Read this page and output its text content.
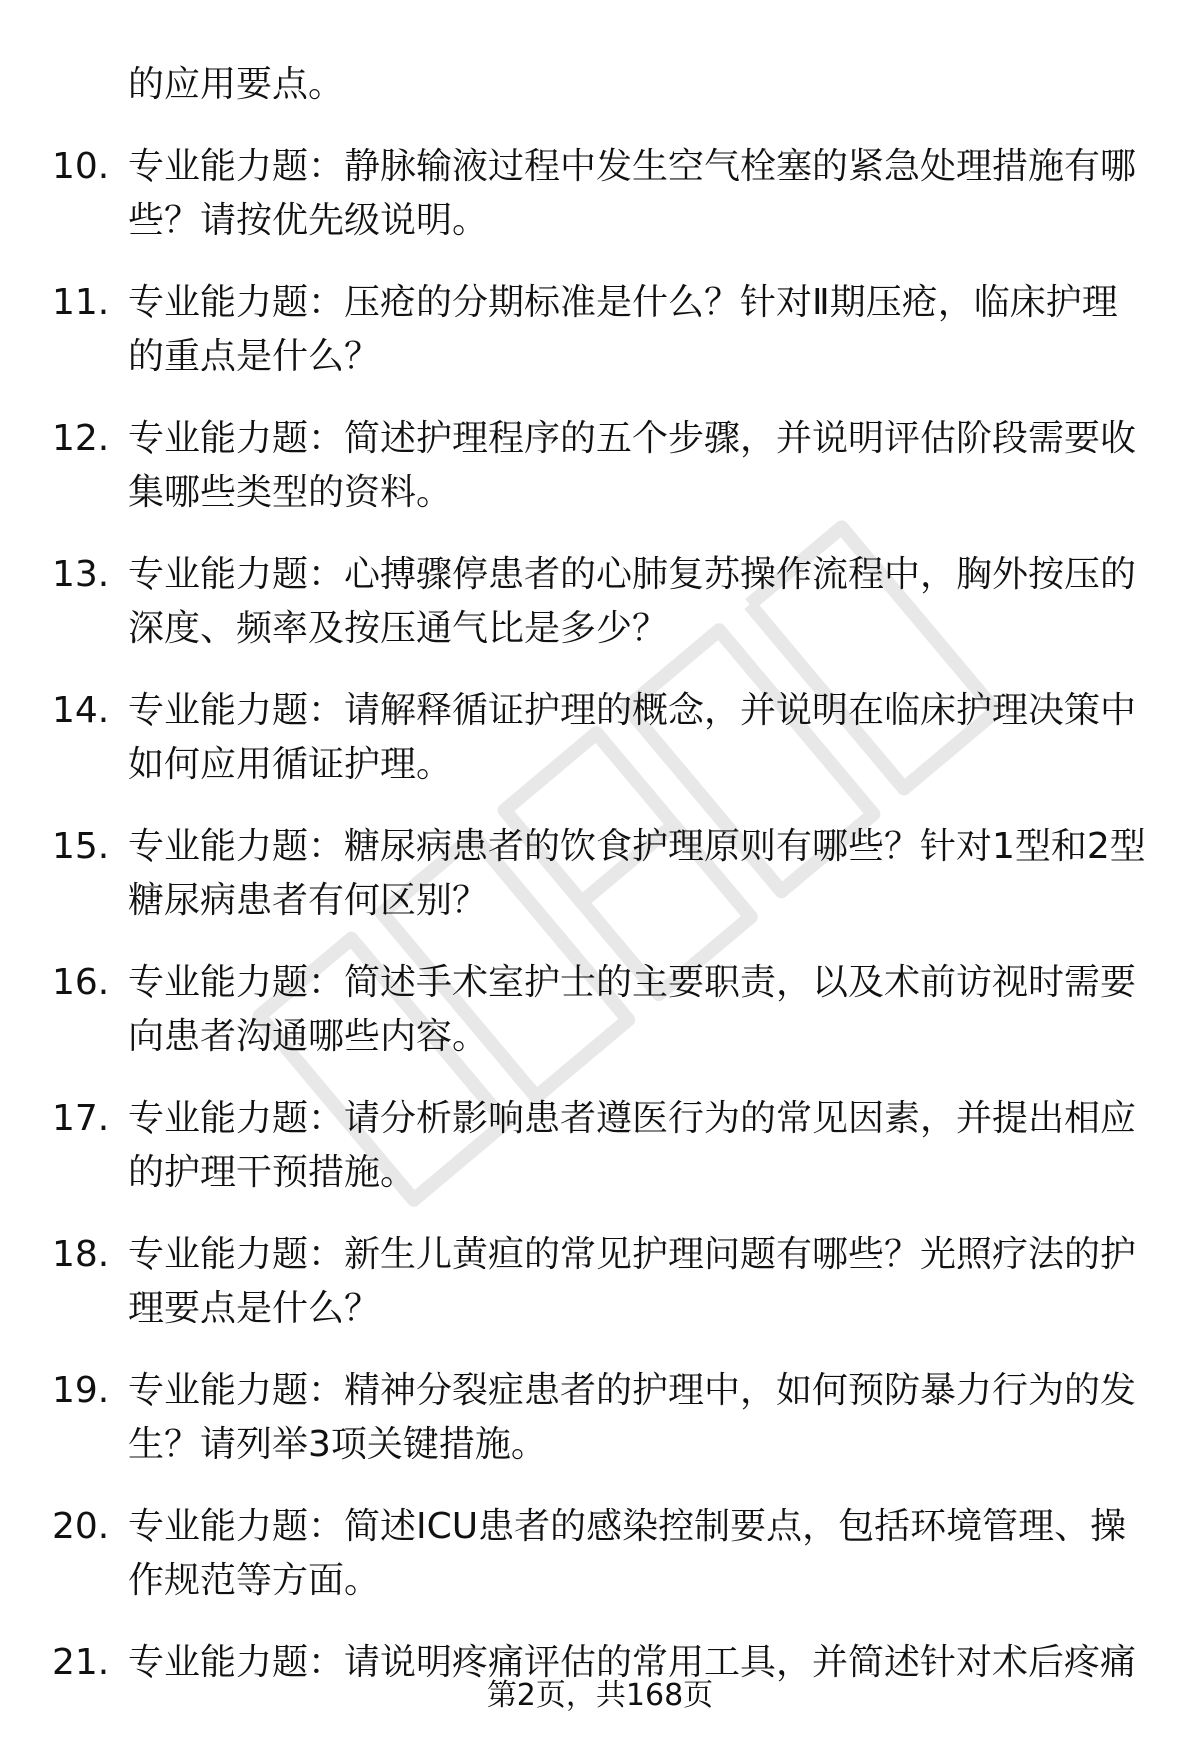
的应用要点。
10. 专业能力题：静脉输液过程中发生空气栓塞的紧急处理措施有哪
些？请按优先级说明。
11. 专业能力题：压疮的分期标准是什么？针对Ⅱ期压疮，临床护理
的重点是什么？
12. 专业能力题：简述护理程序的五个步骤，并说明评估阶段需要收
集哪些类型的资料。
13. 专业能力题：心搏骤停患者的心肺复苏操作流程中，胸外按压的
深度、频率及按压通气比是多少？
14. 专业能力题：请解释循证护理的概念，并说明在临床护理决策中
如何应用循证护理。
15. 专业能力题：糖尿病患者的饮食护理原则有哪些？针对1型和2型
糖尿病患者有何区别？
16. 专业能力题：简述手术室护士的主要职责，以及术前访视时需要
向患者沟通哪些内容。
17. 专业能力题：请分析影响患者遵医行为的常见因素，并提出相应
的护理干预措施。
18. 专业能力题：新生儿黄疸的常见护理问题有哪些？光照疗法的护
理要点是什么？
19. 专业能力题：精神分裂症患者的护理中，如何预防暴力行为的发
生？请列举3项关键措施。
20. 专业能力题：简述ICU患者的感染控制要点，包括环境管理、操
作规范等方面。
21. 专业能力题：请说明疼痛评估的常用工具，并简述针对术后疼痛
第2页，共168页
